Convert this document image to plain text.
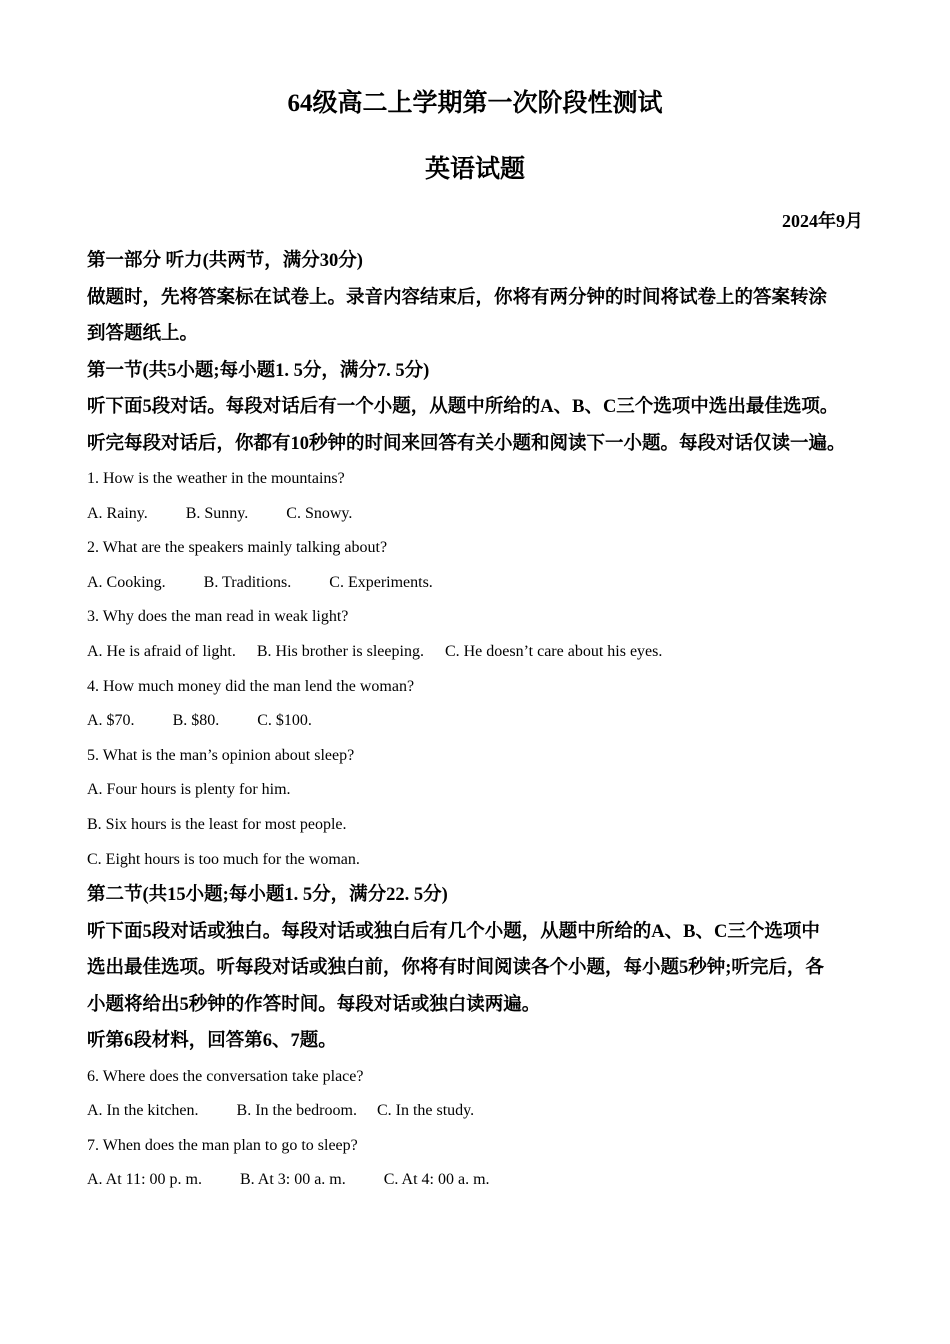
64级高二上学期第一次阶段性测试
英语试题
2024年9月

第一部分 听力(共两节，满分30分)

做题时，先将答案标在试卷上。录音内容结束后，你将有两分钟的时间将试卷上的答案转涂

到答题纸上。

第一节(共5小题;每小题1. 5分，满分7. 5分)

听下面5段对话。每段对话后有一个小题，从题中所给的A、B、C三个选项中选出最佳选项。

听完每段对话后，你都有10秒钟的时间来回答有关小题和阅读下一小题。每段对话仅读一遍。

1. How is the weather in the mountains?

A. Rainy. B. Sunny. C. Snowy.

2. What are the speakers mainly talking about?

A. Cooking. B. Traditions. C. Experiments.

3. Why does the man read in weak light?

A. He is afraid of light. B. His brother is sleeping. C. He doesn’t care about his eyes.

4. How much money did the man lend the woman?

A. $70. B. $80. C. $100.

5. What is the man’s opinion about sleep?

A. Four hours is plenty for him.

B. Six hours is the least for most people.

C. Eight hours is too much for the woman.

第二节(共15小题;每小题1. 5分，满分22. 5分)

听下面5段对话或独白。每段对话或独白后有几个小题，从题中所给的A、B、C三个选项中

选出最佳选项。听每段对话或独白前，你将有时间阅读各个小题，每小题5秒钟;听完后，各

小题将给出5秒钟的作答时间。每段对话或独白读两遍。

听第6段材料，回答第6、7题。

6. Where does the conversation take place?

A. In the kitchen. B. In the bedroom. C. In the study.

7. When does the man plan to go to sleep?

A. At 11: 00 p. m. B. At 3: 00 a. m. C. At 4: 00 a. m.
